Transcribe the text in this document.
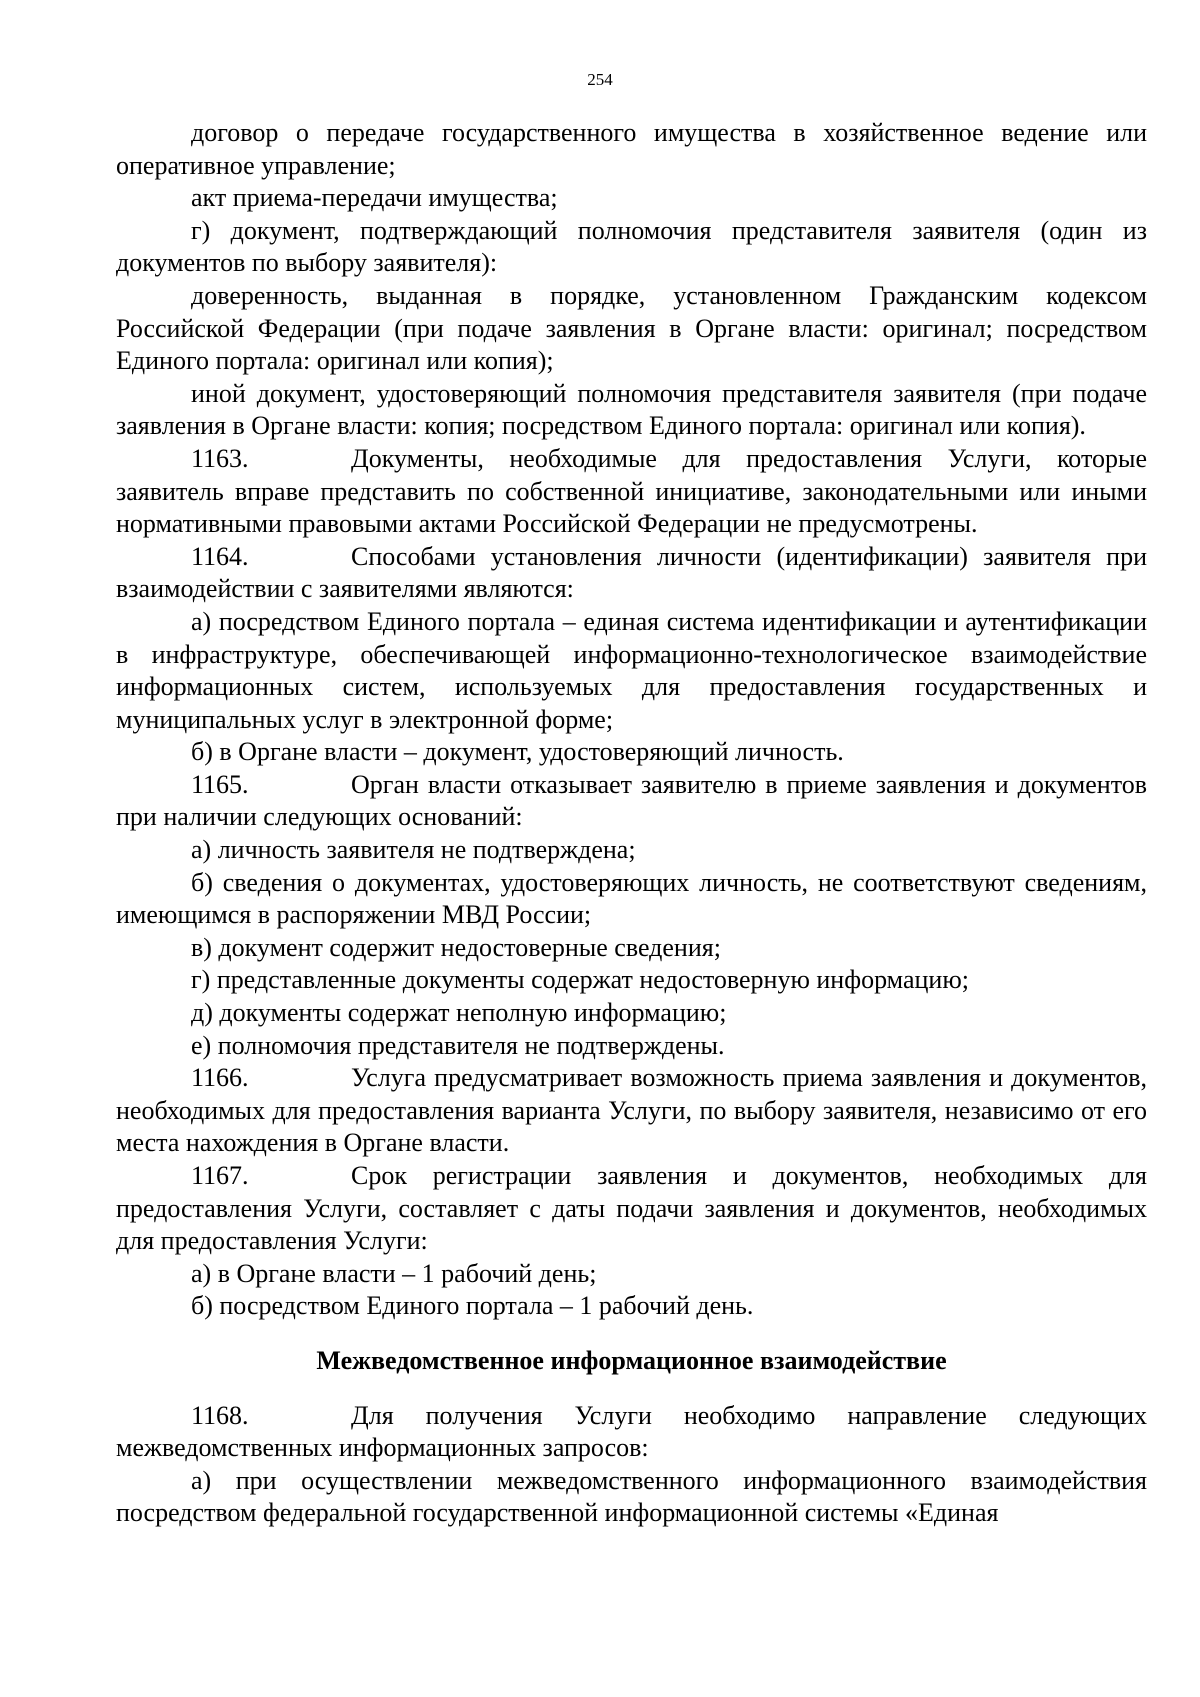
254

договор о передаче государственного имущества в хозяйственное ведение или оперативное управление;

акт приема-передачи имущества;

г) документ, подтверждающий полномочия представителя заявителя (один из документов по выбору заявителя):

доверенность, выданная в порядке, установленном Гражданским кодексом Российской Федерации (при подаче заявления в Органе власти: оригинал; посредством Единого портала: оригинал или копия);

иной документ, удостоверяющий полномочия представителя заявителя (при подаче заявления в Органе власти: копия; посредством Единого портала: оригинал или копия).

1163.	Документы, необходимые для предоставления Услуги, которые заявитель вправе представить по собственной инициативе, законодательными или иными нормативными правовыми актами Российской Федерации не предусмотрены.

1164.	Способами установления личности (идентификации) заявителя при взаимодействии с заявителями являются:

а) посредством Единого портала – единая система идентификации и аутентификации в инфраструктуре, обеспечивающей информационно-технологическое взаимодействие информационных систем, используемых для предоставления государственных и муниципальных услуг в электронной форме;

б) в Органе власти – документ, удостоверяющий личность.

1165.	Орган власти отказывает заявителю в приеме заявления и документов при наличии следующих оснований:

а) личность заявителя не подтверждена;

б) сведения о документах, удостоверяющих личность, не соответствуют сведениям, имеющимся в распоряжении МВД России;

в) документ содержит недостоверные сведения;

г) представленные документы содержат недостоверную информацию;

д) документы содержат неполную информацию;

е) полномочия представителя не подтверждены.

1166.	Услуга предусматривает возможность приема заявления и документов, необходимых для предоставления варианта Услуги, по выбору заявителя, независимо от его места нахождения в Органе власти.

1167.	Срок регистрации заявления и документов, необходимых для предоставления Услуги, составляет с даты подачи заявления и документов, необходимых для предоставления Услуги:

а) в Органе власти – 1 рабочий день;

б) посредством Единого портала – 1 рабочий день.

Межведомственное информационное взаимодействие

1168.	Для получения Услуги необходимо направление следующих межведомственных информационных запросов:

а) при осуществлении межведомственного информационного взаимодействия посредством федеральной государственной информационной системы «Единая
